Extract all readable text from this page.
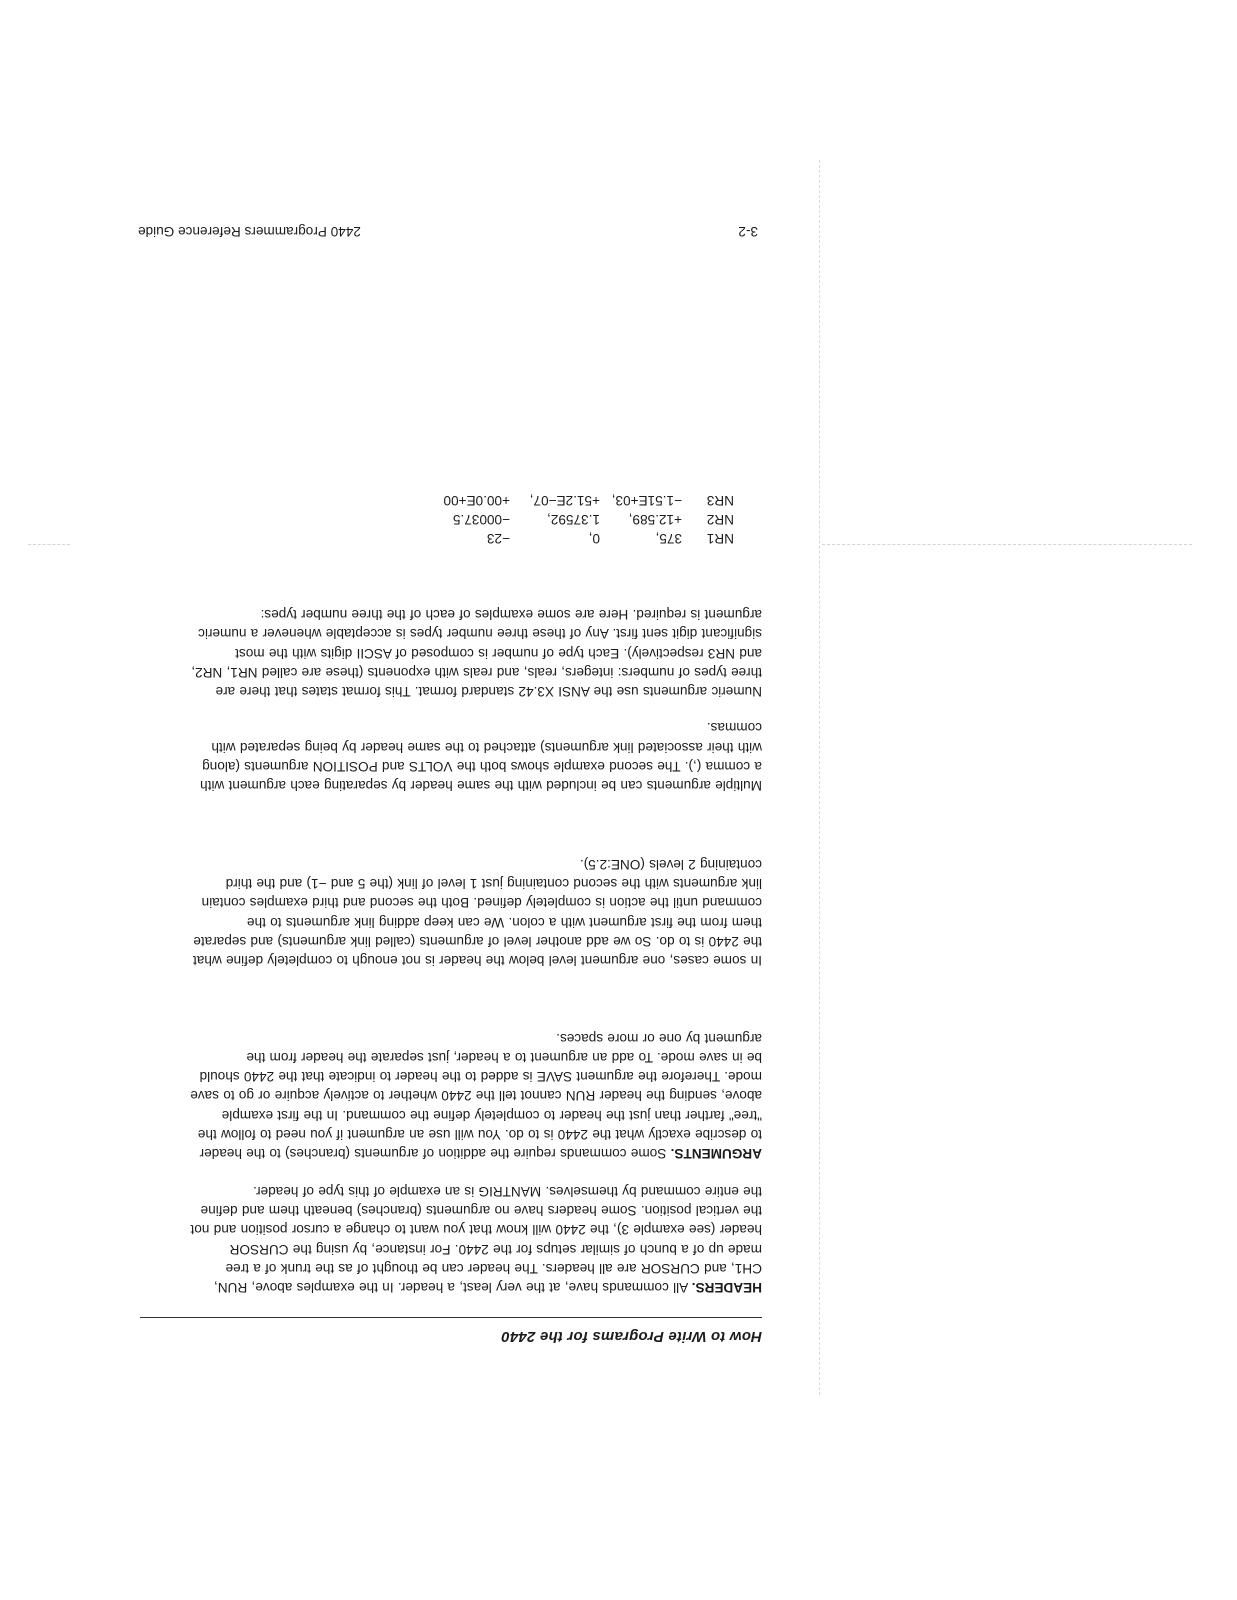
How to Write Programs for the 2440

HEADERS. All commands have, at the very least, a header. In the examples above, RUN, CH1, and CURSOR are all headers. The header can be thought of as the trunk of a tree made up of a bunch of similar setups for the 2440. For instance, by using the CURSOR header (see example 3), the 2440 will know that you want to change a cursor position and not the vertical position. Some headers have no arguments (branches) beneath them and define the entire command by themselves. MANTRIG is an example of this type of header.

ARGUMENTS. Some commands require the addition of arguments (branches) to the header to describe exactly what the 2440 is to do. You will use an argument if you need to follow the "tree" farther than just the header to completely define the command. In the first example above, sending the header RUN cannot tell the 2440 whether to actively acquire or go to save mode. Therefore the argument SAVE is added to the header to indicate that the 2440 should be in save mode. To add an argument to a header, just separate the header from the argument by one or more spaces.

In some cases, one argument level below the header is not enough to completely define what the 2440 is to do. So we add another level of arguments (called link arguments) and separate them from the first argument with a colon. We can keep adding link arguments to the command until the action is completely defined. Both the second and third examples contain link arguments with the second containing just 1 level of link (the 5 and −1) and the third containing 2 levels (ONE:2.5).

Multiple arguments can be included with the same header by separating each argument with a comma (,). The second example shows both the VOLTS and POSITION arguments (along with their associated link arguments) attached to the same header by being separated with commas.

Numeric arguments use the ANSI X3.42 standard format. This format states that there are three types of numbers: integers, reals, and reals with exponents (these are called NR1, NR2, and NR3 respectively). Each type of number is composed of ASCII digits with the most significant digit sent first. Any of these three number types is acceptable whenever a numeric argument is required. Here are some examples of each of the three number types:

NR1	375,	0,	−23
NR2	+12.589,	1.37592,	−00037.5
NR3	−1.51E+03,	+51.2E−07,	+00.0E+00
3-2
2440 Programmers Reference Guide
